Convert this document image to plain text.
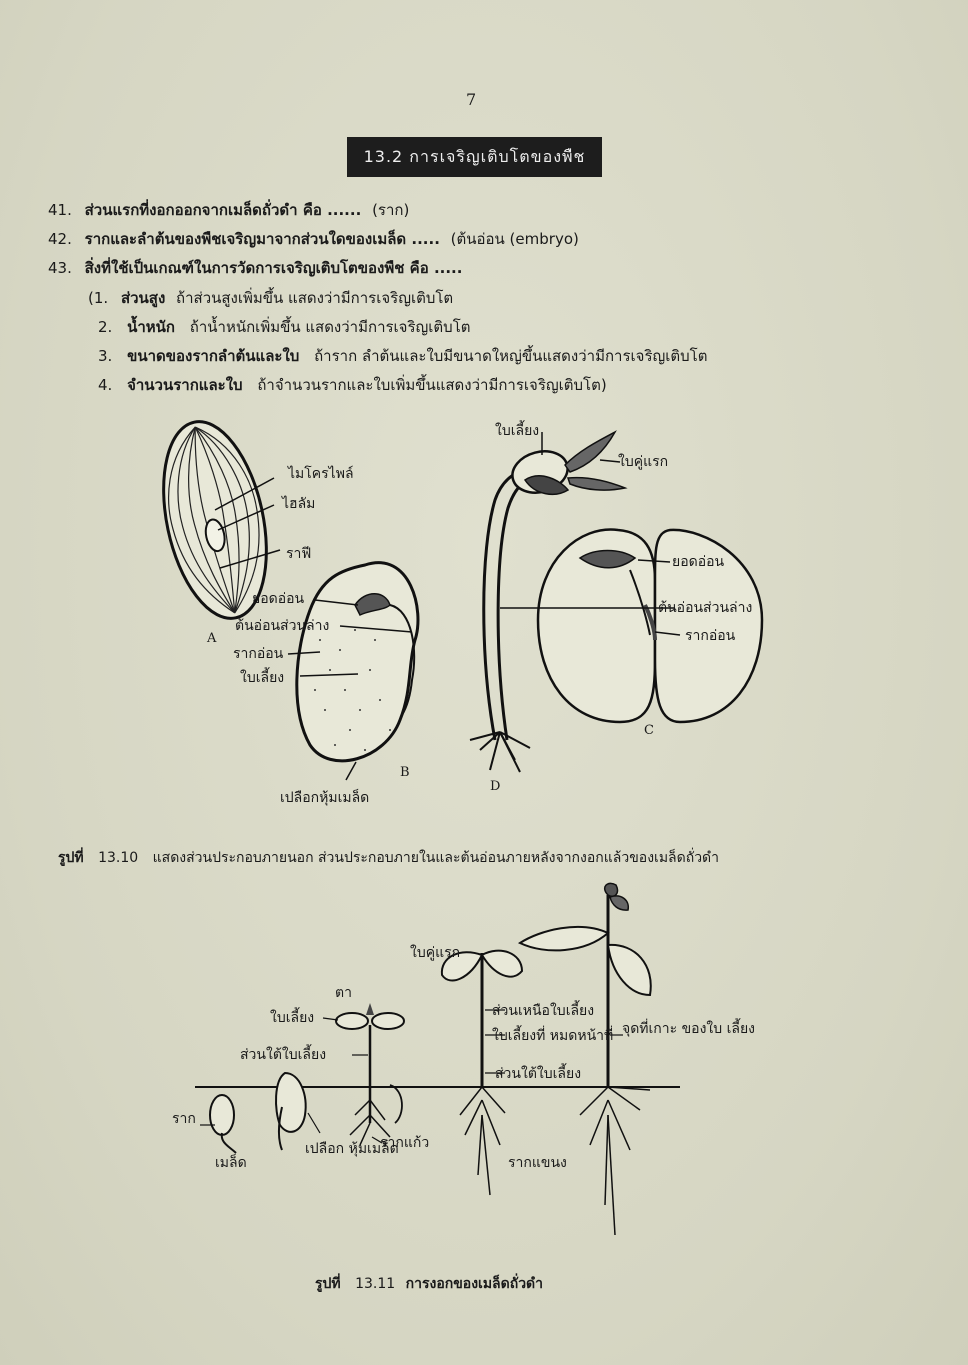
7
13.2 การเจริญเติบโตของพืช
41. ส่วนแรกที่งอกออกจากเมล็ดถั่วดำ คือ ...... (ราก)
42. รากและลำต้นของพืชเจริญมาจากส่วนใดของเมล็ด ..... (ต้นอ่อน (embryo)
43. สิ่งที่ใช้เป็นเกณฑ์ในการวัดการเจริญเติบโตของพืช คือ .....
(1. ส่วนสูง ถ้าส่วนสูงเพิ่มขึ้น แสดงว่ามีการเจริญเติบโต
2. น้ำหนัก ถ้าน้ำหนักเพิ่มขึ้น แสดงว่ามีการเจริญเติบโต
3. ขนาดของรากลำต้นและใบ ถ้าราก ลำต้นและใบมีขนาดใหญ่ขึ้นแสดงว่ามีการเจริญเติบโต
4. จำนวนรากและใบ ถ้าจำนวนรากและใบเพิ่มขึ้นแสดงว่ามีการเจริญเติบโต)
ไมโครไพล์
ไฮลัม
ราฟี
A
ยอดอ่อน
ต้นอ่อนส่วนล่าง
รากอ่อน
ใบเลี้ยง
B
เปลือกหุ้มเมล็ด
ใบเลี้ยง
ใบคู่แรก
D
ยอดอ่อน
ต้นอ่อนส่วนล่าง
รากอ่อน
C
รูปที่ 13.10 แสดงส่วนประกอบภายนอก ส่วนประกอบภายในและต้นอ่อนภายหลังจากงอกแล้วของเมล็ดถั่วดำ
ราก
เมล็ด
ใบเลี้ยง
ตา
ส่วนใต้ใบเลี้ยง
เปลือก หุ้มเมล็ด
รากแก้ว
ใบคู่แรก
ส่วนเหนือใบเลี้ยง
ใบเลี้ยงที่ หมดหน้าที่
ส่วนใต้ใบเลี้ยง
รากแขนง
จุดที่เกาะ ของใบ เลี้ยง
รูปที่ 13.11 การงอกของเมล็ดถั่วดำ
